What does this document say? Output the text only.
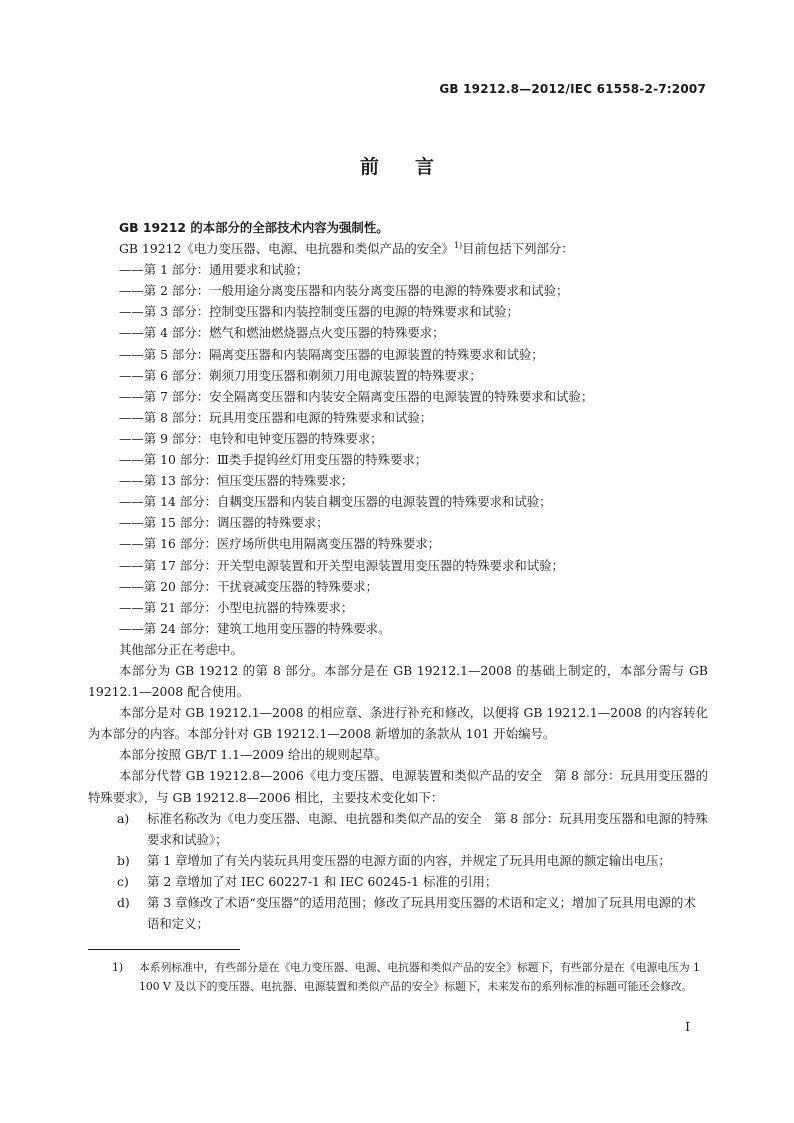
GB 19212.8—2012/IEC 61558-2-7:2007
前言
GB 19212 的本部分的全部技术内容为强制性。
GB 19212《电力变压器、电源、电抗器和类似产品的安全》$^{1)}$目前包括下列部分：
——第 1 部分：通用要求和试验；
——第 2 部分：一般用途分离变压器和内装分离变压器的电源的特殊要求和试验；
——第 3 部分：控制变压器和内装控制变压器的电源的特殊要求和试验；
——第 4 部分：燃气和燃油燃烧器点火变压器的特殊要求；
——第 5 部分：隔离变压器和内装隔离变压器的电源装置的特殊要求和试验；
——第 6 部分：剃须刀用变压器和剃须刀用电源装置的特殊要求；
——第 7 部分：安全隔离变压器和内装安全隔离变压器的电源装置的特殊要求和试验；
——第 8 部分：玩具用变压器和电源的特殊要求和试验；
——第 9 部分：电铃和电钟变压器的特殊要求；
——第 10 部分：Ⅲ类手提钨丝灯用变压器的特殊要求；
——第 13 部分：恒压变压器的特殊要求；
——第 14 部分：自耦变压器和内装自耦变压器的电源装置的特殊要求和试验；
——第 15 部分：调压器的特殊要求；
——第 16 部分：医疗场所供电用隔离变压器的特殊要求；
——第 17 部分：开关型电源装置和开关型电源装置用变压器的特殊要求和试验；
——第 20 部分：干扰衰减变压器的特殊要求；
——第 21 部分：小型电抗器的特殊要求；
——第 24 部分：建筑工地用变压器的特殊要求。
其他部分正在考虑中。
本部分为 GB 19212 的第 8 部分。本部分是在 GB 19212.1—2008 的基础上制定的，本部分需与 GB 19212.1—2008 配合使用。
本部分是对 GB 19212.1—2008 的相应章、条进行补充和修改，以便将 GB 19212.1—2008 的内容转化为本部分的内容。本部分针对 GB 19212.1—2008 新增加的条款从 101 开始编号。
本部分按照 GB/T 1.1—2009 给出的规则起草。
本部分代替 GB 19212.8—2006《电力变压器、电源装置和类似产品的安全　第 8 部分：玩具用变压器的特殊要求》，与 GB 19212.8—2006 相比，主要技术变化如下：
a)	标准名称改为《电力变压器、电源、电抗器和类似产品的安全　第 8 部分：玩具用变压器和电源的特殊要求和试验》；
b)	第 1 章增加了有关内装玩具用变压器的电源方面的内容，并规定了玩具用电源的额定输出电压；
c)	第 2 章增加了对 IEC 60227-1 和 IEC 60245-1 标准的引用；
d)	第 3 章修改了术语“变压器”的适用范围；修改了玩具用变压器的术语和定义；增加了玩具用电源的术语和定义；
1)	本系列标准中，有些部分是在《电力变压器、电源、电抗器和类似产品的安全》标题下，有些部分是在《电源电压为 1 100 V 及以下的变压器、电抗器、电源装置和类似产品的安全》标题下，未来发布的系列标准的标题可能还会修改。
I
